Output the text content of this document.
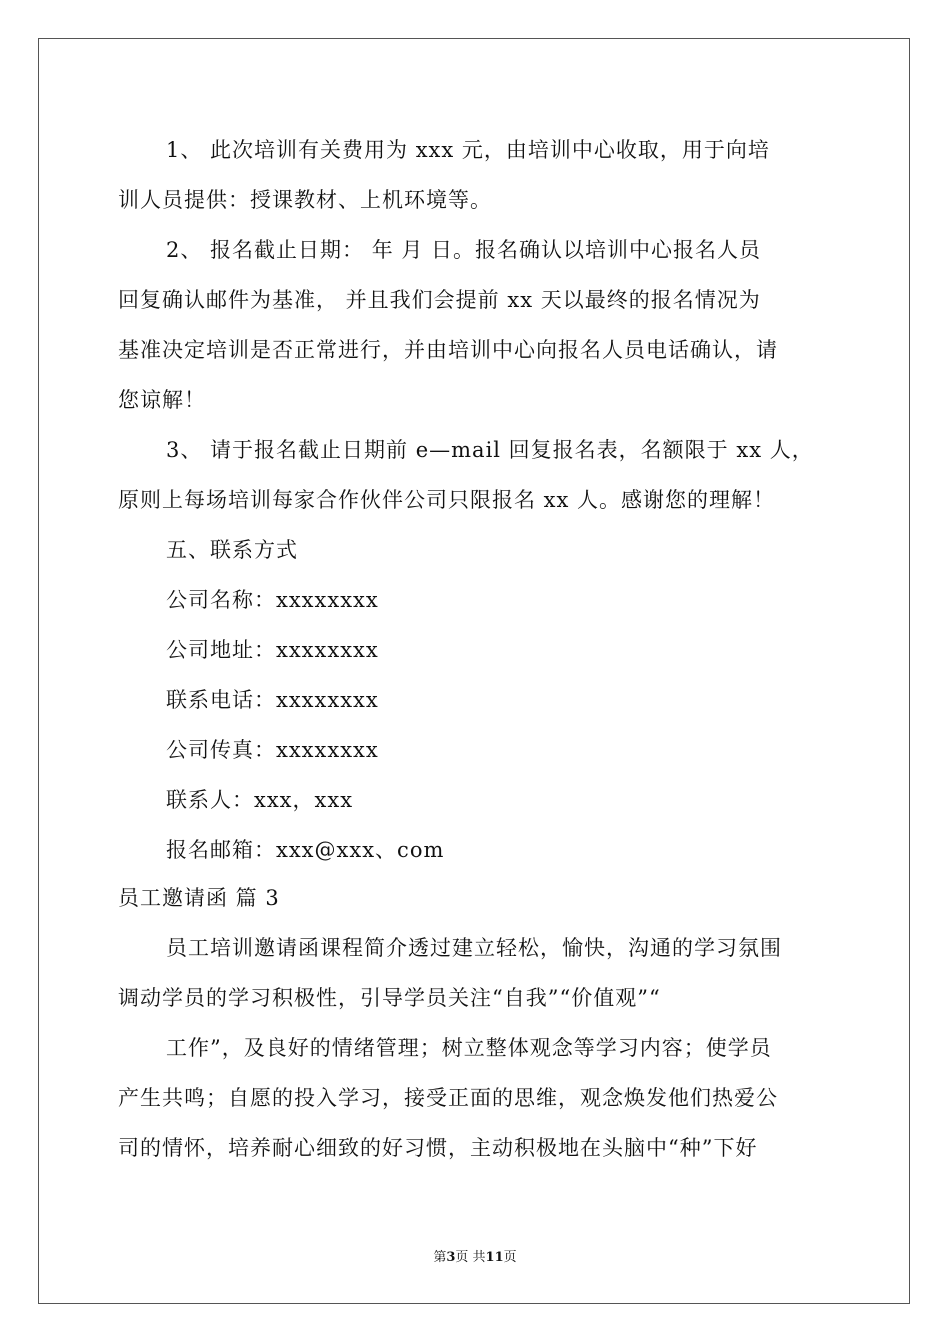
1、 此次培训有关费用为 xxx 元，由培训中心收取，用于向培
训人员提供：授课教材、上机环境等。
2、 报名截止日期： 年 月 日。报名确认以培训中心报名人员
回复确认邮件为基准， 并且我们会提前 xx 天以最终的报名情况为
基准决定培训是否正常进行，并由培训中心向报名人员电话确认，请
您谅解！
3、 请于报名截止日期前 e—mail 回复报名表，名额限于 xx 人，
原则上每场培训每家合作伙伴公司只限报名 xx 人。感谢您的理解！
五、联系方式
公司名称：xxxxxxxx
公司地址：xxxxxxxx
联系电话：xxxxxxxx
公司传真：xxxxxxxx
联系人：xxx，xxx
报名邮箱：xxx@xxx、com
员工邀请函 篇 3
员工培训邀请函课程简介透过建立轻松，愉快，沟通的学习氛围
调动学员的学习积极性，引导学员关注“自我”“价值观”“
工作”，及良好的情绪管理；树立整体观念等学习内容；使学员
产生共鸣；自愿的投入学习，接受正面的思维，观念焕发他们热爱公
司的情怀，培养耐心细致的好习惯，主动积极地在头脑中“种”下好
第3页 共11页
